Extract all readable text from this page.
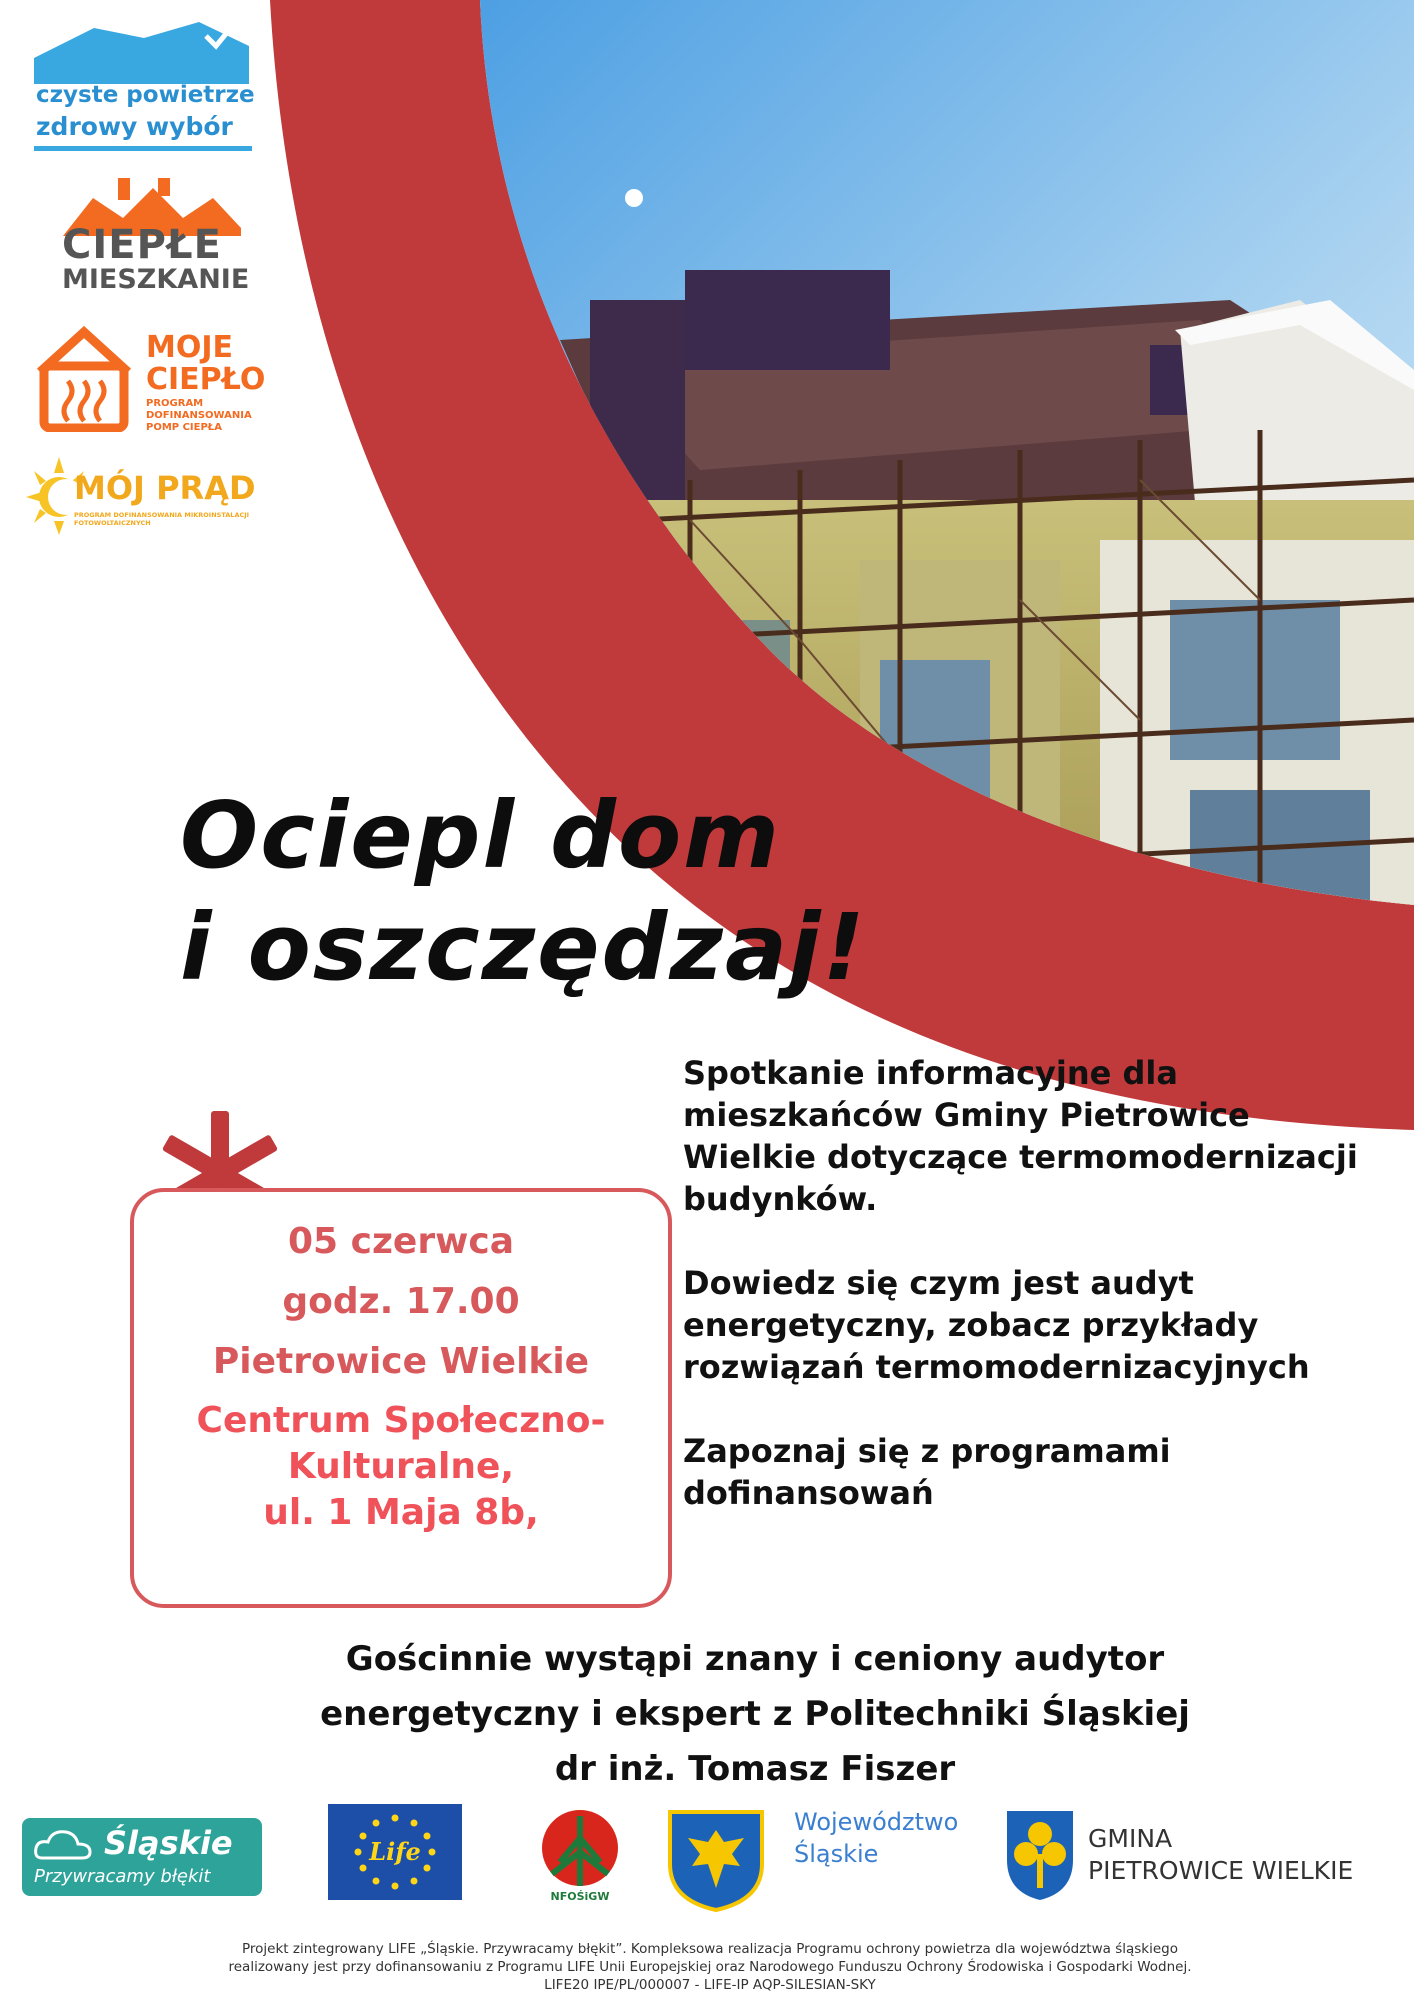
czyste powietrze
zdrowy wybór
CIEPŁE
MIESZKANIE
MOJE
CIEPŁO
PROGRAM
DOFINANSOWANIA
POMP CIEPŁA
MÓJ PRĄD
PROGRAM DOFINANSOWANIA MIKROINSTALACJI
FOTOWOLTAICZNYCH
Ociepl dom
i oszczędzaj!

Spotkanie informacyjne dla mieszkańców Gminy Pietrowice Wielkie dotyczące termomodernizacji budynków.

Dowiedz się czym jest audyt energetyczny, zobacz przykłady rozwiązań termomodernizacyjnych

Zapoznaj się z programami dofinansowań

05 czerwca
godz. 17.00
Pietrowice Wielkie
Centrum Społeczno-
Kulturalne,
ul. 1 Maja 8b,
Gościnnie wystąpi znany i ceniony audytor
energetyczny i ekspert z Politechniki Śląskiej
dr inż. Tomasz Fiszer
Śląskie
Przywracamy błękit
Life
NFOŚiGW
Województwo
Śląskie
GMINA
PIETROWICE WIELKIE
Projekt zintegrowany LIFE „Śląskie. Przywracamy błękit”. Kompleksowa realizacja Programu ochrony powietrza dla województwa śląskiego
realizowany jest przy dofinansowaniu z Programu LIFE Unii Europejskiej oraz Narodowego Funduszu Ochrony Środowiska i Gospodarki Wodnej.
LIFE20 IPE/PL/000007 - LIFE-IP AQP-SILESIAN-SKY
